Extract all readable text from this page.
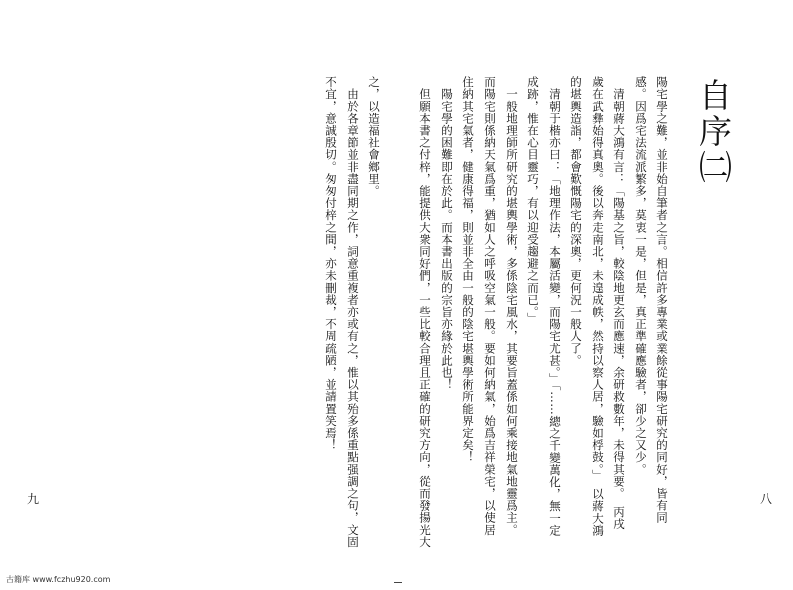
自序㈡
陽宅學之難，並非始自筆者之言。相信許多專業或業餘從事陽宅研究的同好，皆有同
感。因爲宅法流派繁多，莫衷一是，但是，真正準確應驗者，卻少之又少。
　清朝蔣大鴻有言：「陽基之旨，較陰地更玄而應速，余研救數年，未得其要。　丙戌
歲在武彝始得真奧。後以奔走南北，未遑成帙，然持以察人居，驗如桴鼓。」　以蔣大鴻
的堪輿造詣，都會歎慨陽宅的深奧，更何況一般人了。
　清朝于楷亦曰：「地理作法，本屬活變，而陽宅尤甚。」「……總之千變萬化，無一定
成跡，惟在心目靈巧，有以迎受趨避之而已。」
　一般地理師所研究的堪輿學術，多係陰宅風水，其要旨蓋係如何乘接地氣地靈爲主。
而陽宅則係納天氣爲重，猶如人之呼吸空氣一般。要如何納氣，始爲吉祥榮宅，以使居
住納其宅氣者，健康得福，則並非全由一般的陰宅堪輿學術所能界定矣！
　陽宅學的困難即在於此。而本書出版的宗旨亦緣於此也！
　但願本書之付梓，能提供大衆同好們，一些比較合理且正確的研究方向，從而發揚光大	八
之，以造福社會鄉里。
　由於各章節並非盡同期之作，詞意重複者亦或有之，惟以其殆多係重點强調之句，文固
不宜，意誠殷切。匆匆付梓之間，亦未刪裁，不周疏陋，並請置笑焉！
九
古籍库 www.fczhu920.com
